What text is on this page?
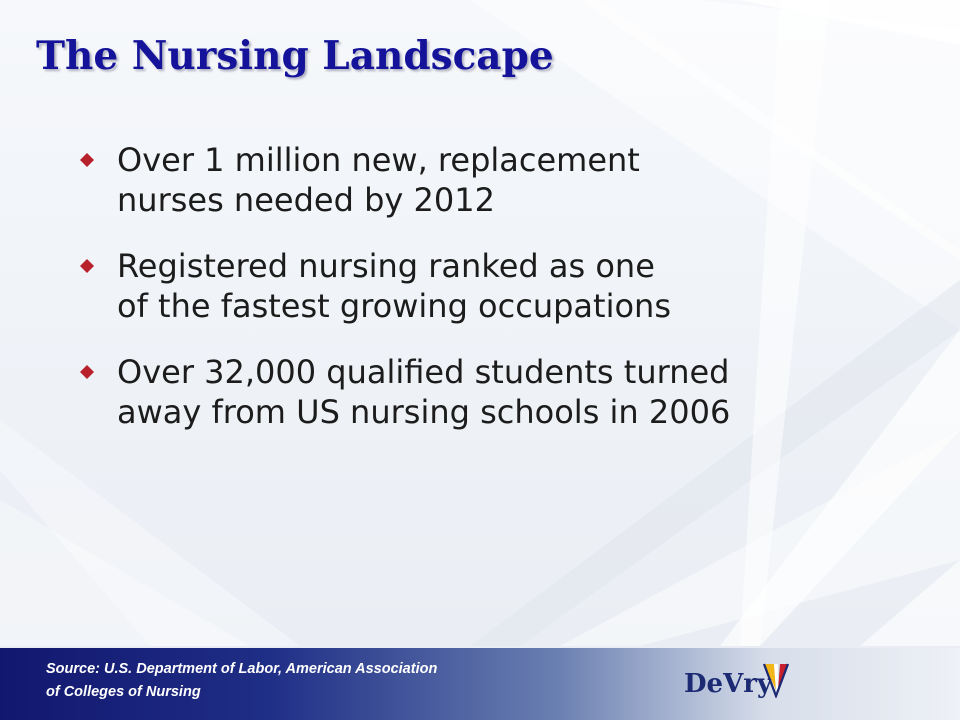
The Nursing Landscape
Over 1 million new, replacement
nurses needed by 2012
Registered nursing ranked as one
of the fastest growing occupations
Over 32,000 qualified students turned
away from US nursing schools in 2006
Source: U.S. Department of Labor, American Association
of Colleges of Nursing	DeVry
